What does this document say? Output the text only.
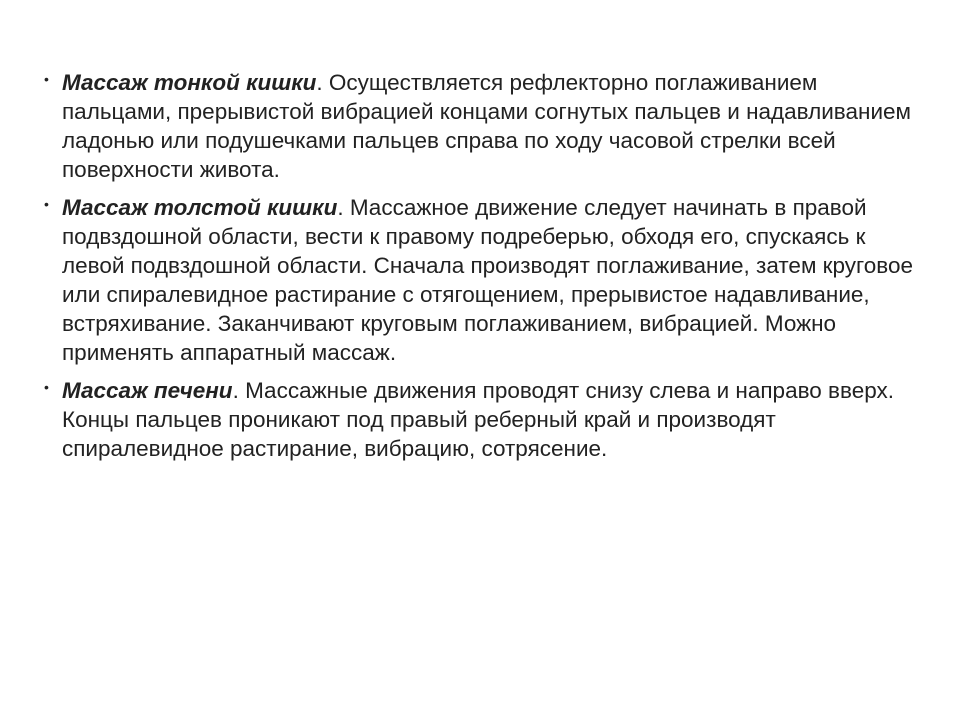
• Массаж тонкой кишки. Осуществляется рефлекторно поглаживанием пальцами, прерывистой вибрацией концами согнутых пальцев и надавливанием ладонью или подушечками пальцев справа по ходу часовой стрелки всей поверхности живота.
• Массаж толстой кишки. Массажное движение следует начинать в правой подвздошной области, вести к правому подреберью, обходя его, спускаясь к левой подвздошной области. Сначала производят поглаживание, затем круговое или спиралевидное растирание с отягощением, прерывистое надавливание, встряхивание. Заканчивают круговым поглаживанием, вибрацией. Можно применять аппаратный массаж.
• Массаж печени. Массажные движения проводят снизу слева и направо вверх. Концы пальцев проникают под правый реберный край и производят спиралевидное растирание, вибрацию, сотрясение.
